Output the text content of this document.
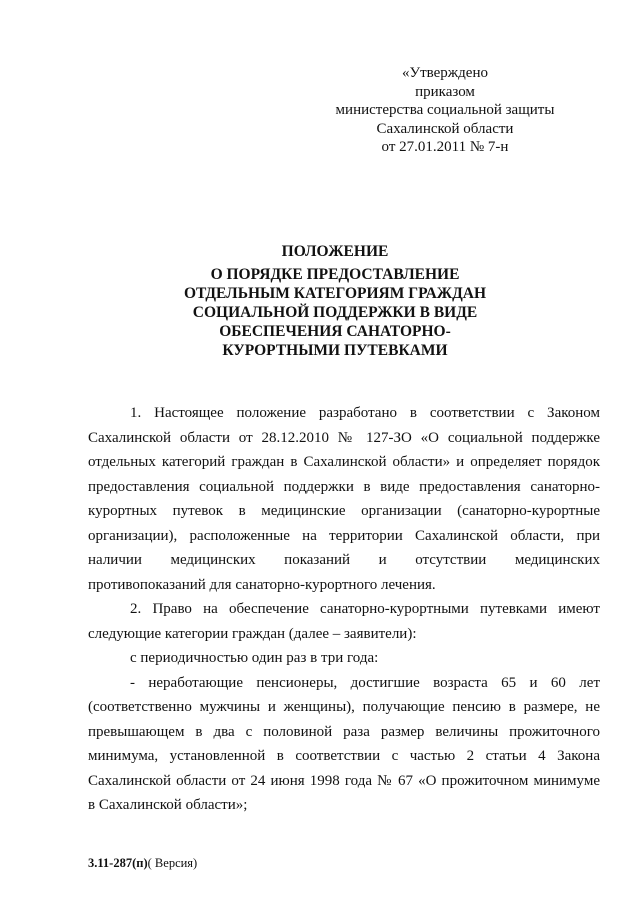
«Утверждено
приказом
министерства социальной защиты
Сахалинской области
от 27.01.2011 № 7-н
ПОЛОЖЕНИЕ
О ПОРЯДКЕ ПРЕДОСТАВЛЕНИЕ
ОТДЕЛЬНЫМ КАТЕГОРИЯМ ГРАЖДАН
СОЦИАЛЬНОЙ ПОДДЕРЖКИ В ВИДЕ
ОБЕСПЕЧЕНИЯ САНАТОРНО-
КУРОРТНЫМИ ПУТЕВКАМИ
1. Настоящее положение разработано в соответствии с Законом
Сахалинской области от 28.12.2010 № 127-ЗО «О социальной поддержке
отдельных категорий граждан в Сахалинской области» и определяет порядок
предоставления социальной поддержки в виде предоставления санаторно-
курортных путевок в медицинские организации (санаторно-курортные
организации), расположенные на территории Сахалинской области, при
наличии медицинских показаний и отсутствии медицинских
противопоказаний для санаторно-курортного лечения.
2. Право на обеспечение санаторно-курортными путевками имеют
следующие категории граждан (далее – заявители):
с периодичностью один раз в три года:
- неработающие пенсионеры, достигшие возраста 65 и 60 лет
(соответственно мужчины и женщины), получающие пенсию в размере, не
превышающем в два с половиной раза размер величины прожиточного
минимума, установленной в соответствии с частью 2 статьи 4 Закона
Сахалинской области от 24 июня 1998 года № 67 «О прожиточном минимуме
в Сахалинской области»;
3.11-287(п)( Версия)
